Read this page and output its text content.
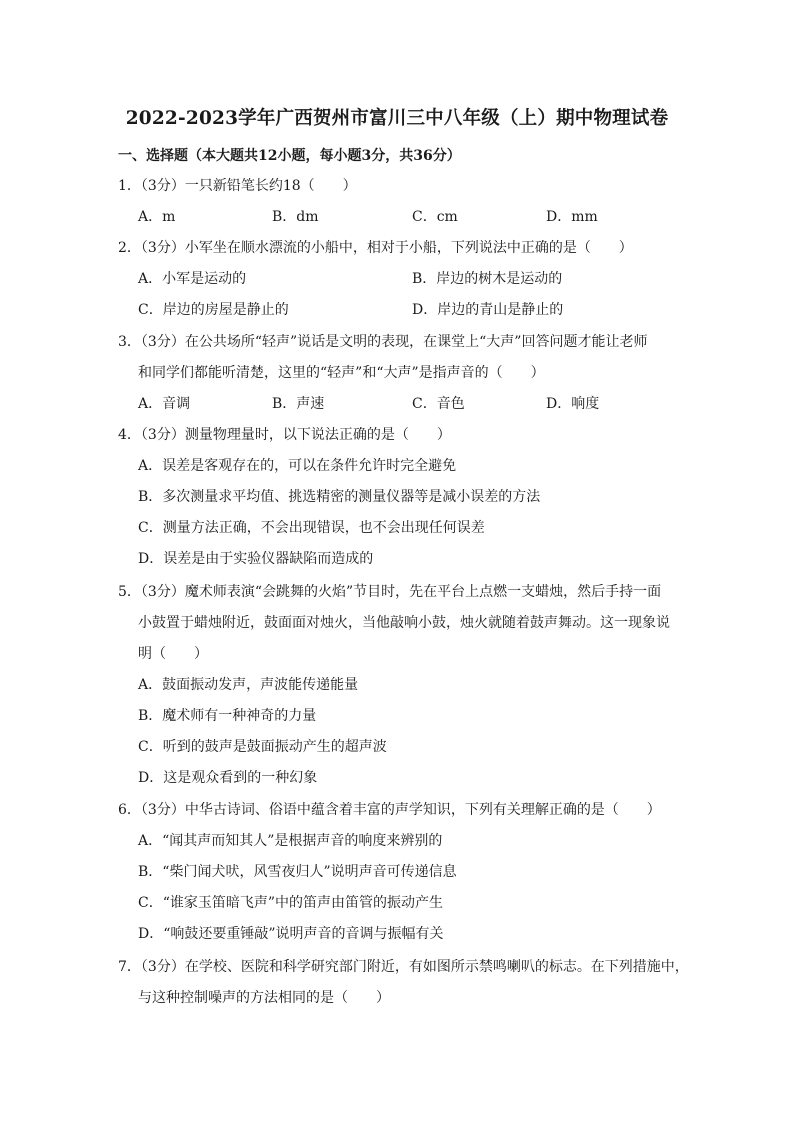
2022-2023学年广西贺州市富川三中八年级（上）期中物理试卷
一、选择题（本大题共12小题，每小题3分，共36分）
1．（3分）一只新铅笔长约18（　　）
A．m	B．dm	C．cm	D．mm
2．（3分）小军坐在顺水漂流的小船中，相对于小船，下列说法中正确的是（　　）
A．小军是运动的	B．岸边的树木是运动的
C．岸边的房屋是静止的	D．岸边的青山是静止的
3．（3分）在公共场所“轻声”说话是文明的表现，在课堂上“大声”回答问题才能让老师
和同学们都能听清楚，这里的“轻声”和“大声”是指声音的（　　）
A．音调	B．声速	C．音色	D．响度
4．（3分）测量物理量时，以下说法正确的是（　　）
A．误差是客观存在的，可以在条件允许时完全避免
B．多次测量求平均值、挑选精密的测量仪器等是减小误差的方法
C．测量方法正确，不会出现错误，也不会出现任何误差
D．误差是由于实验仪器缺陷而造成的
5．（3分）魔术师表演“会跳舞的火焰”节目时，先在平台上点燃一支蜡烛，然后手持一面
小鼓置于蜡烛附近，鼓面面对烛火，当他敲响小鼓，烛火就随着鼓声舞动。这一现象说
明（　　）
A．鼓面振动发声，声波能传递能量
B．魔术师有一种神奇的力量
C．听到的鼓声是鼓面振动产生的超声波
D．这是观众看到的一种幻象
6．（3分）中华古诗词、俗语中蕴含着丰富的声学知识，下列有关理解正确的是（　　）
A．“闻其声而知其人”是根据声音的响度来辨别的
B．“柴门闻犬吠，风雪夜归人”说明声音可传递信息
C．“谁家玉笛暗飞声”中的笛声由笛管的振动产生
D．“响鼓还要重锤敲”说明声音的音调与振幅有关
7．（3分）在学校、医院和科学研究部门附近，有如图所示禁鸣喇叭的标志。在下列措施中，
与这种控制噪声的方法相同的是（　　）
